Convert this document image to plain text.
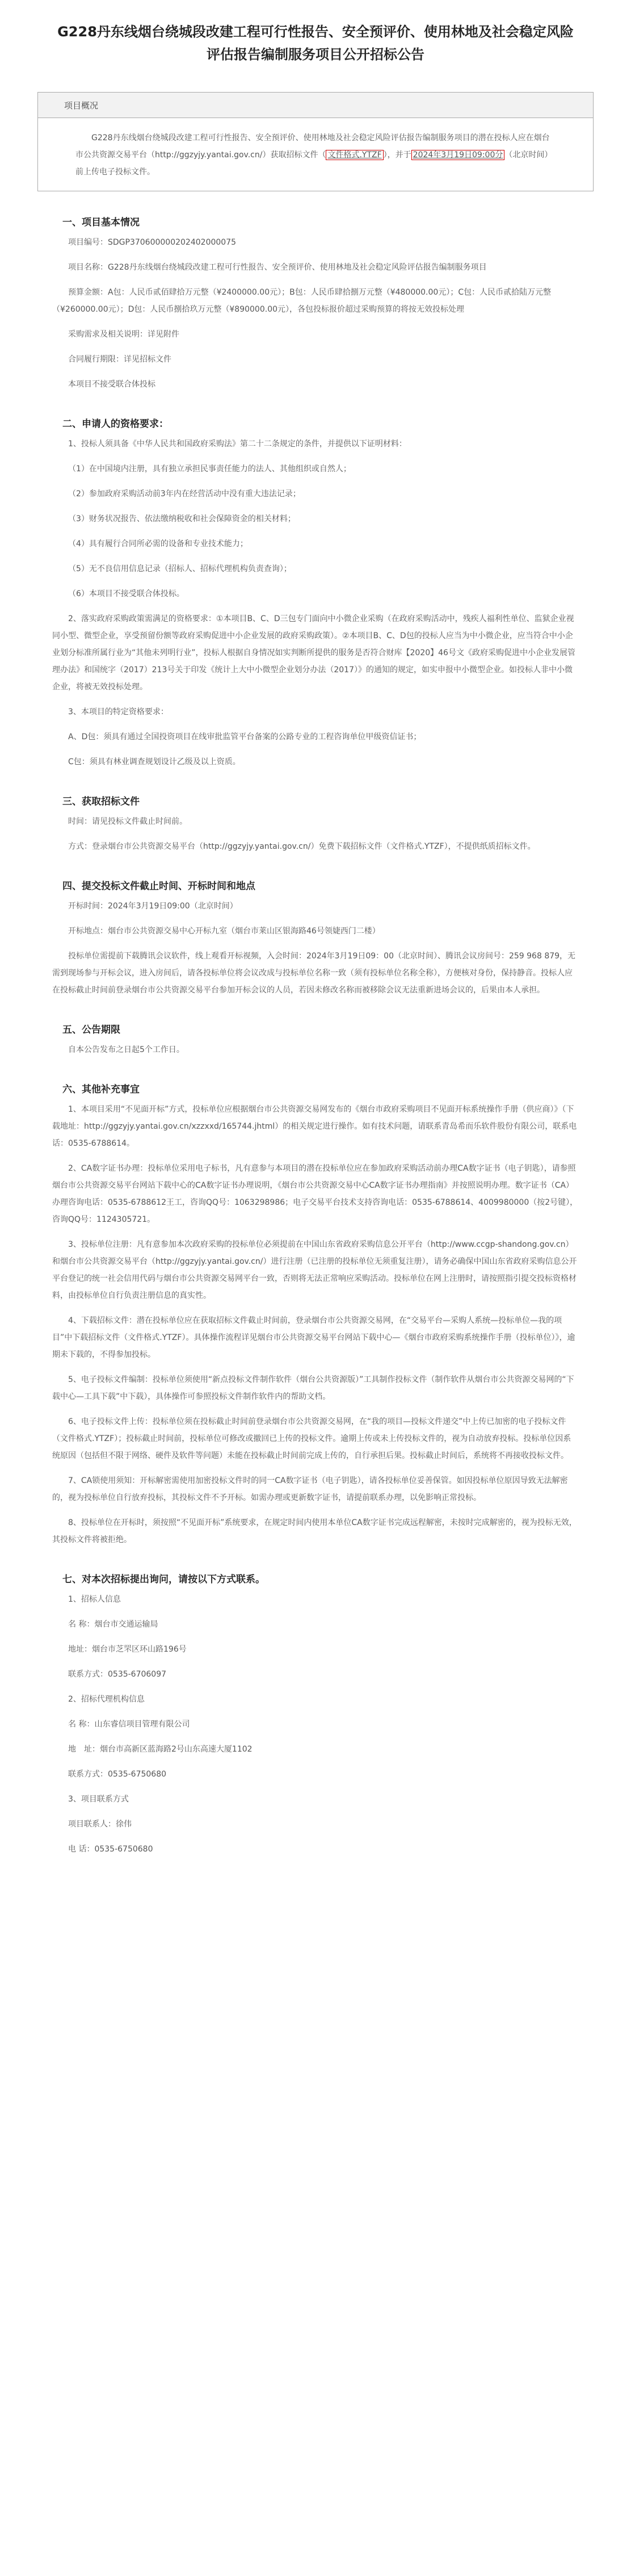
G228丹东线烟台绕城段改建工程可行性报告、安全预评价、使用林地及社会稳定风险评估报告编制服务项目公开招标公告
项目概况
G228丹东线烟台绕城段改建工程可行性报告、安全预评价、使用林地及社会稳定风险评估报告编制服务项目的潜在投标人应在烟台市公共资源交易平台（http://ggzyjy.yantai.gov.cn/）获取招标文件（ 文件格式.YTZF ），并于 2024年3月19日09:00分 （北京时间）前上传电子投标文件。
一、项目基本情况

项目编号：SDGP370600000202402000075

项目名称：G228丹东线烟台绕城段改建工程可行性报告、安全预评价、使用林地及社会稳定风险评估报告编制服务项目

预算金额：A包：人民币贰佰肆拾万元整（¥2400000.00元）；B包：人民币肆拾捌万元整（¥480000.00元）；C包：人民币贰拾陆万元整（¥260000.00元）；D包：人民币捌拾玖万元整（¥890000.00元），各包投标报价超过采购预算的将按无效投标处理

采购需求及相关说明：详见附件

合同履行期限：详见招标文件

本项目不接受联合体投标

二、申请人的资格要求：

1、投标人须具备《中华人民共和国政府采购法》第二十二条规定的条件，并提供以下证明材料：

（1）在中国境内注册，具有独立承担民事责任能力的法人、其他组织或自然人；

（2）参加政府采购活动前3年内在经营活动中没有重大违法记录；

（3）财务状况报告、依法缴纳税收和社会保障资金的相关材料；

（4）具有履行合同所必需的设备和专业技术能力；

（5）无不良信用信息记录（招标人、招标代理机构负责查询）；

（6）本项目不接受联合体投标。

2、落实政府采购政策需满足的资格要求：①本项目B、C、D三包专门面向中小微企业采购（在政府采购活动中，残疾人福利性单位、监狱企业视同小型、微型企业，享受预留份额等政府采购促进中小企业发展的政府采购政策）。②本项目B、C、D包的投标人应当为中小微企业，应当符合中小企业划分标准所属行业为“其他未列明行业”，投标人根据自身情况如实判断所提供的服务是否符合财库【2020】46号文《政府采购促进中小企业发展管理办法》和国统字（2017）213号关于印发《统计上大中小微型企业划分办法（2017）》的通知的规定，如实申报中小微型企业。如投标人非中小微企业，将被无效投标处理。

3、本项目的特定资格要求：

A、D包：须具有通过全国投资项目在线审批监管平台备案的公路专业的工程咨询单位甲级资信证书；

C包：须具有林业调查规划设计乙级及以上资质。

三、获取招标文件

时间：请见投标文件截止时间前。

方式：登录烟台市公共资源交易平台（http://ggzyjy.yantai.gov.cn/）免费下载招标文件（文件格式.YTZF），不提供纸质招标文件。

四、提交投标文件截止时间、开标时间和地点

开标时间：2024年3月19日09:00（北京时间）

开标地点：烟台市公共资源交易中心开标九室（烟台市莱山区银海路46号领婕西门二楼）

投标单位需提前下载腾讯会议软件，线上观看开标视频，入会时间：2024年3月19日09：00（北京时间）、腾讯会议房间号：259 968 879，无需到现场参与开标会议，进入房间后，请各投标单位将会议改成与投标单位名称一致（须有投标单位名称全称），方便核对身份，保持静音。投标人应在投标截止时间前登录烟台市公共资源交易平台参加开标会议的人员，若因未修改名称而被移除会议无法重新进场会议的，后果由本人承担。

五、公告期限

自本公告发布之日起5个工作日。

六、其他补充事宜

1、本项目采用“不见面开标”方式，投标单位应根据烟台市公共资源交易网发布的《烟台市政府采购项目不见面开标系统操作手册（供应商）》（下载地址：http://ggzyjy.yantai.gov.cn/xzzxxd/165744.jhtml）的相关规定进行操作。如有技术问题，请联系青岛希而乐软件股份有限公司，联系电话：0535-6788614。

2、CA数字证书办理：投标单位采用电子标书，凡有意参与本项目的潜在投标单位应在参加政府采购活动前办理CA数字证书（电子钥匙），请参照烟台市公共资源交易平台网站下载中心的CA数字证书办理说明，《烟台市公共资源交易中心CA数字证书办理指南》并按照说明办理。数字证书（CA）办理咨询电话：0535-6788612王工，咨询QQ号：1063298986；电子交易平台技术支持咨询电话：0535-6788614、4009980000（按2号键），咨询QQ号：1124305721。

3、投标单位注册：凡有意参加本次政府采购的投标单位必须提前在中国山东省政府采购信息公开平台（http://www.ccgp-shandong.gov.cn）和烟台市公共资源交易平台（http://ggzyjy.yantai.gov.cn/）进行注册（已注册的投标单位无须重复注册），请务必确保中国山东省政府采购信息公开平台登记的统一社会信用代码与烟台市公共资源交易网平台一致，否则将无法正常响应采购活动。投标单位在网上注册时，请按照指引提交投标资格材料，由投标单位自行负责注册信息的真实性。

4、下载招标文件：潜在投标单位应在获取招标文件截止时间前，登录烟台市公共资源交易网，在“交易平台—采购人系统—投标单位—我的项目”中下载招标文件（文件格式.YTZF）。具体操作流程详见烟台市公共资源交易平台网站下载中心—《烟台市政府采购系统操作手册（投标单位）》，逾期未下载的，不得参加投标。

5、电子投标文件编制：投标单位须使用“新点投标文件制作软件（烟台公共资源版）”工具制作投标文件（制作软件从烟台市公共资源交易网的“下载中心—工具下载”中下载），具体操作可参照投标文件制作软件内的帮助文档。

6、电子投标文件上传：投标单位须在投标截止时间前登录烟台市公共资源交易网，在“我的项目—投标文件递交”中上传已加密的电子投标文件（文件格式.YTZF）；投标截止时间前，投标单位可修改或撤回已上传的投标文件。逾期上传或未上传投标文件的，视为自动放弃投标。投标单位因系统原因（包括但不限于网络、硬件及软件等问题）未能在投标截止时间前完成上传的，自行承担后果。投标截止时间后，系统将不再接收投标文件。

7、CA锁使用须知：开标解密需使用加密投标文件时的同一CA数字证书（电子钥匙），请各投标单位妥善保管。如因投标单位原因导致无法解密的，视为投标单位自行放弃投标，其投标文件不予开标。如需办理或更新数字证书，请提前联系办理，以免影响正常投标。

8、投标单位在开标时，须按照“不见面开标”系统要求，在规定时间内使用本单位CA数字证书完成远程解密，未按时完成解密的，视为投标无效，其投标文件将被拒绝。

七、对本次招标提出询问，请按以下方式联系。

1、招标人信息

名 称：烟台市交通运输局

地址：烟台市芝罘区环山路196号

联系方式：0535-6706097

2、招标代理机构信息

名 称：山东睿信项目管理有限公司

地　址：烟台市高新区蓝海路2号山东高速大厦1102

联系方式：0535-6750680

3、项目联系方式

项目联系人：徐伟

电 话：0535-6750680
